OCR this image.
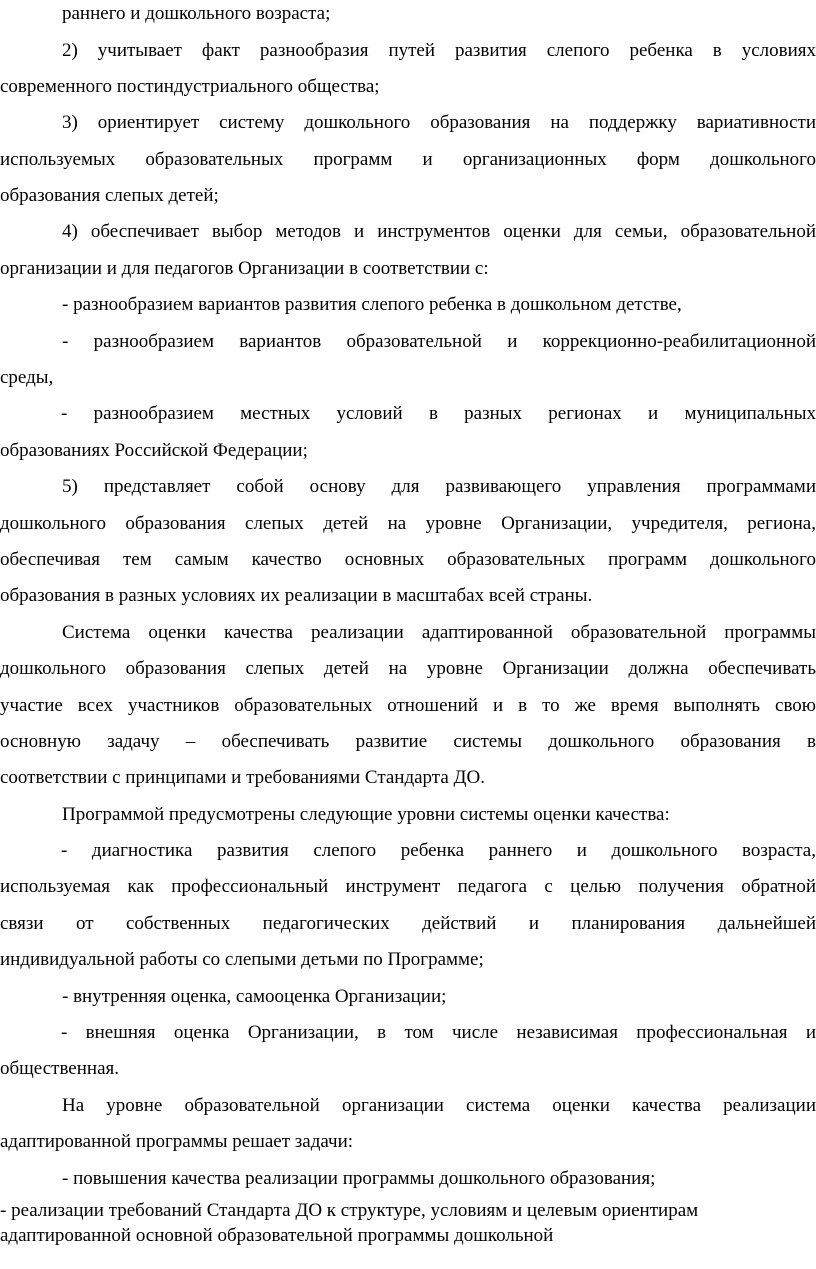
раннего и дошкольного возраста;
2) учитывает факт разнообразия путей развития слепого ребенка в условиях
современного постиндустриального общества;
3) ориентирует систему дошкольного образования на поддержку вариативности
используемых образовательных программ и организационных форм дошкольного
образования слепых детей;
4) обеспечивает выбор методов и инструментов оценки для семьи, образовательной
организации и для педагогов Организации в соответствии с:
- разнообразием вариантов развития слепого ребенка в дошкольном детстве,
- разнообразием вариантов образовательной и коррекционно-реабилитационной
среды,
- разнообразием местных условий в разных регионах и муниципальных
образованиях Российской Федерации;
5) представляет собой основу для развивающего управления программами
дошкольного образования слепых детей на уровне Организации, учредителя, региона,
обеспечивая тем самым качество основных образовательных программ дошкольного
образования в разных условиях их реализации в масштабах всей страны.
Система оценки качества реализации адаптированной образовательной программы
дошкольного образования слепых детей на уровне Организации должна обеспечивать
участие всех участников образовательных отношений и в то же время выполнять свою
основную задачу – обеспечивать развитие системы дошкольного образования в
соответствии с принципами и требованиями Стандарта ДО.
Программой предусмотрены следующие уровни системы оценки качества:
- диагностика развития слепого ребенка раннего и дошкольного возраста,
используемая как профессиональный инструмент педагога с целью получения обратной
связи от собственных педагогических действий и планирования дальнейшей
индивидуальной работы со слепыми детьми по Программе;
- внутренняя оценка, самооценка Организации;
- внешняя оценка Организации, в том числе независимая профессиональная и
общественная.
На уровне образовательной организации система оценки качества реализации
адаптированной программы решает задачи:
- повышения качества реализации программы дошкольного образования;
- реализации требований Стандарта ДО к структуре, условиям и целевым ориентирам
адаптированной основной образовательной программы дошкольной
